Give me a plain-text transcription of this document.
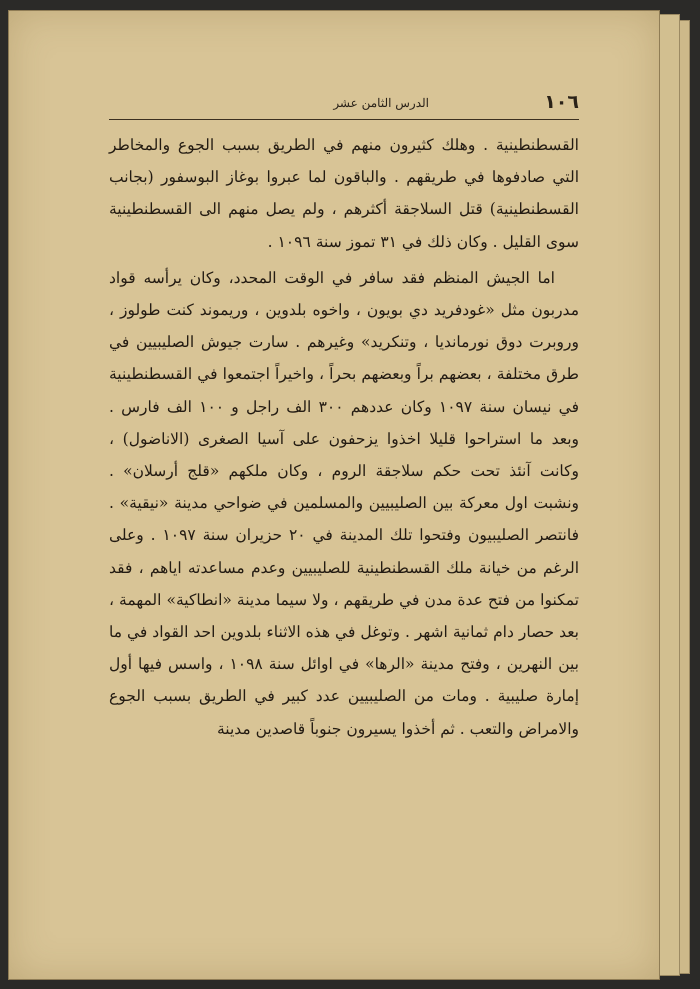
١٠٦
الدرس الثامن عشر

القسطنطينية . وهلك كثيرون منهم في الطريق بسبب الجوع والمخاطر التي صادفوها في طريقهم . والباقون لما عبروا بوغاز البوسفور (بجانب القسطنطينية) قتل السلاجقة أكثرهم ، ولم يصل منهم الى القسطنطينية سوى القليل . وكان ذلك في ٣١ تموز سنة ١٠٩٦ .

اما الجيش المنظم فقد سافر في الوقت المحدد، وكان يرأسه قواد مدربون مثل «غودفريد دي بويون ، واخوه بلدوين ، وريموند كنت طولوز ، وروبرت دوق نورماندیا ، وتنكريد» وغيرهم . سارت جيوش الصليبيين في طرق مختلفة ، بعضهم براً وبعضهم بحراً ، واخيراً اجتمعوا في القسطنطينية في نيسان سنة ١٠٩٧ وكان عددهم ٣٠٠ الف راجل و ١٠٠ الف فارس . وبعد ما استراحوا قليلا اخذوا يزحفون على آسيا الصغرى (الاناضول) ، وكانت آنئذ تحت حكم سلاجقة الروم ، وكان ملكهم «قلج أرسلان» . ونشبت اول معركة بين الصليبيين والمسلمين في ضواحي مدينة «نيقية» . فانتصر الصليبيون وفتحوا تلك المدينة في ٢٠ حزيران سنة ١٠٩٧ . وعلى الرغم من خيانة ملك القسطنطينية للصليبيين وعدم مساعدته اياهم ، فقد تمكنوا من فتح عدة مدن في طريقهم ، ولا سيما مدينة «انطاكية» المهمة ، بعد حصار دام ثمانية اشهر . وتوغل في هذه الاثناء بلدوين احد القواد في ما بين النهرين ، وفتح مدينة «الرها» في اوائل سنة ١٠٩٨ ، واسس فيها أول إمارة صليبية . ومات من الصليبيين عدد كبير في الطريق بسبب الجوع والامراض والتعب . ثم أخذوا يسيرون جنوباً قاصدين مدينة
